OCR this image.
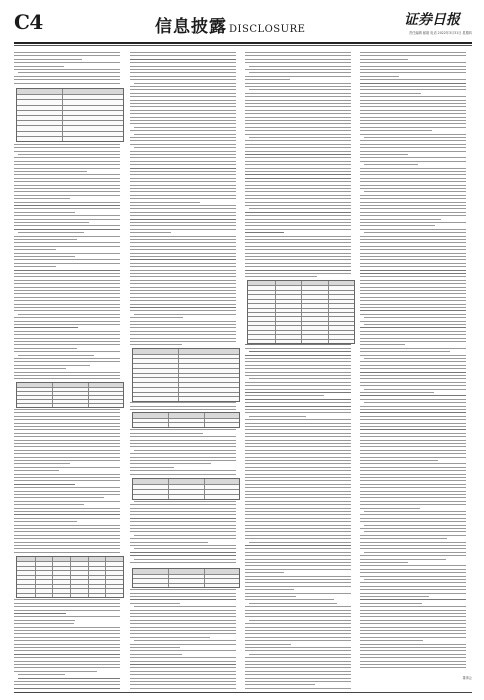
C4	信息披露 DISCLOSURE
证券日报
责任编辑 邮箱 电话 2022年3月31日 星期四
董事会
